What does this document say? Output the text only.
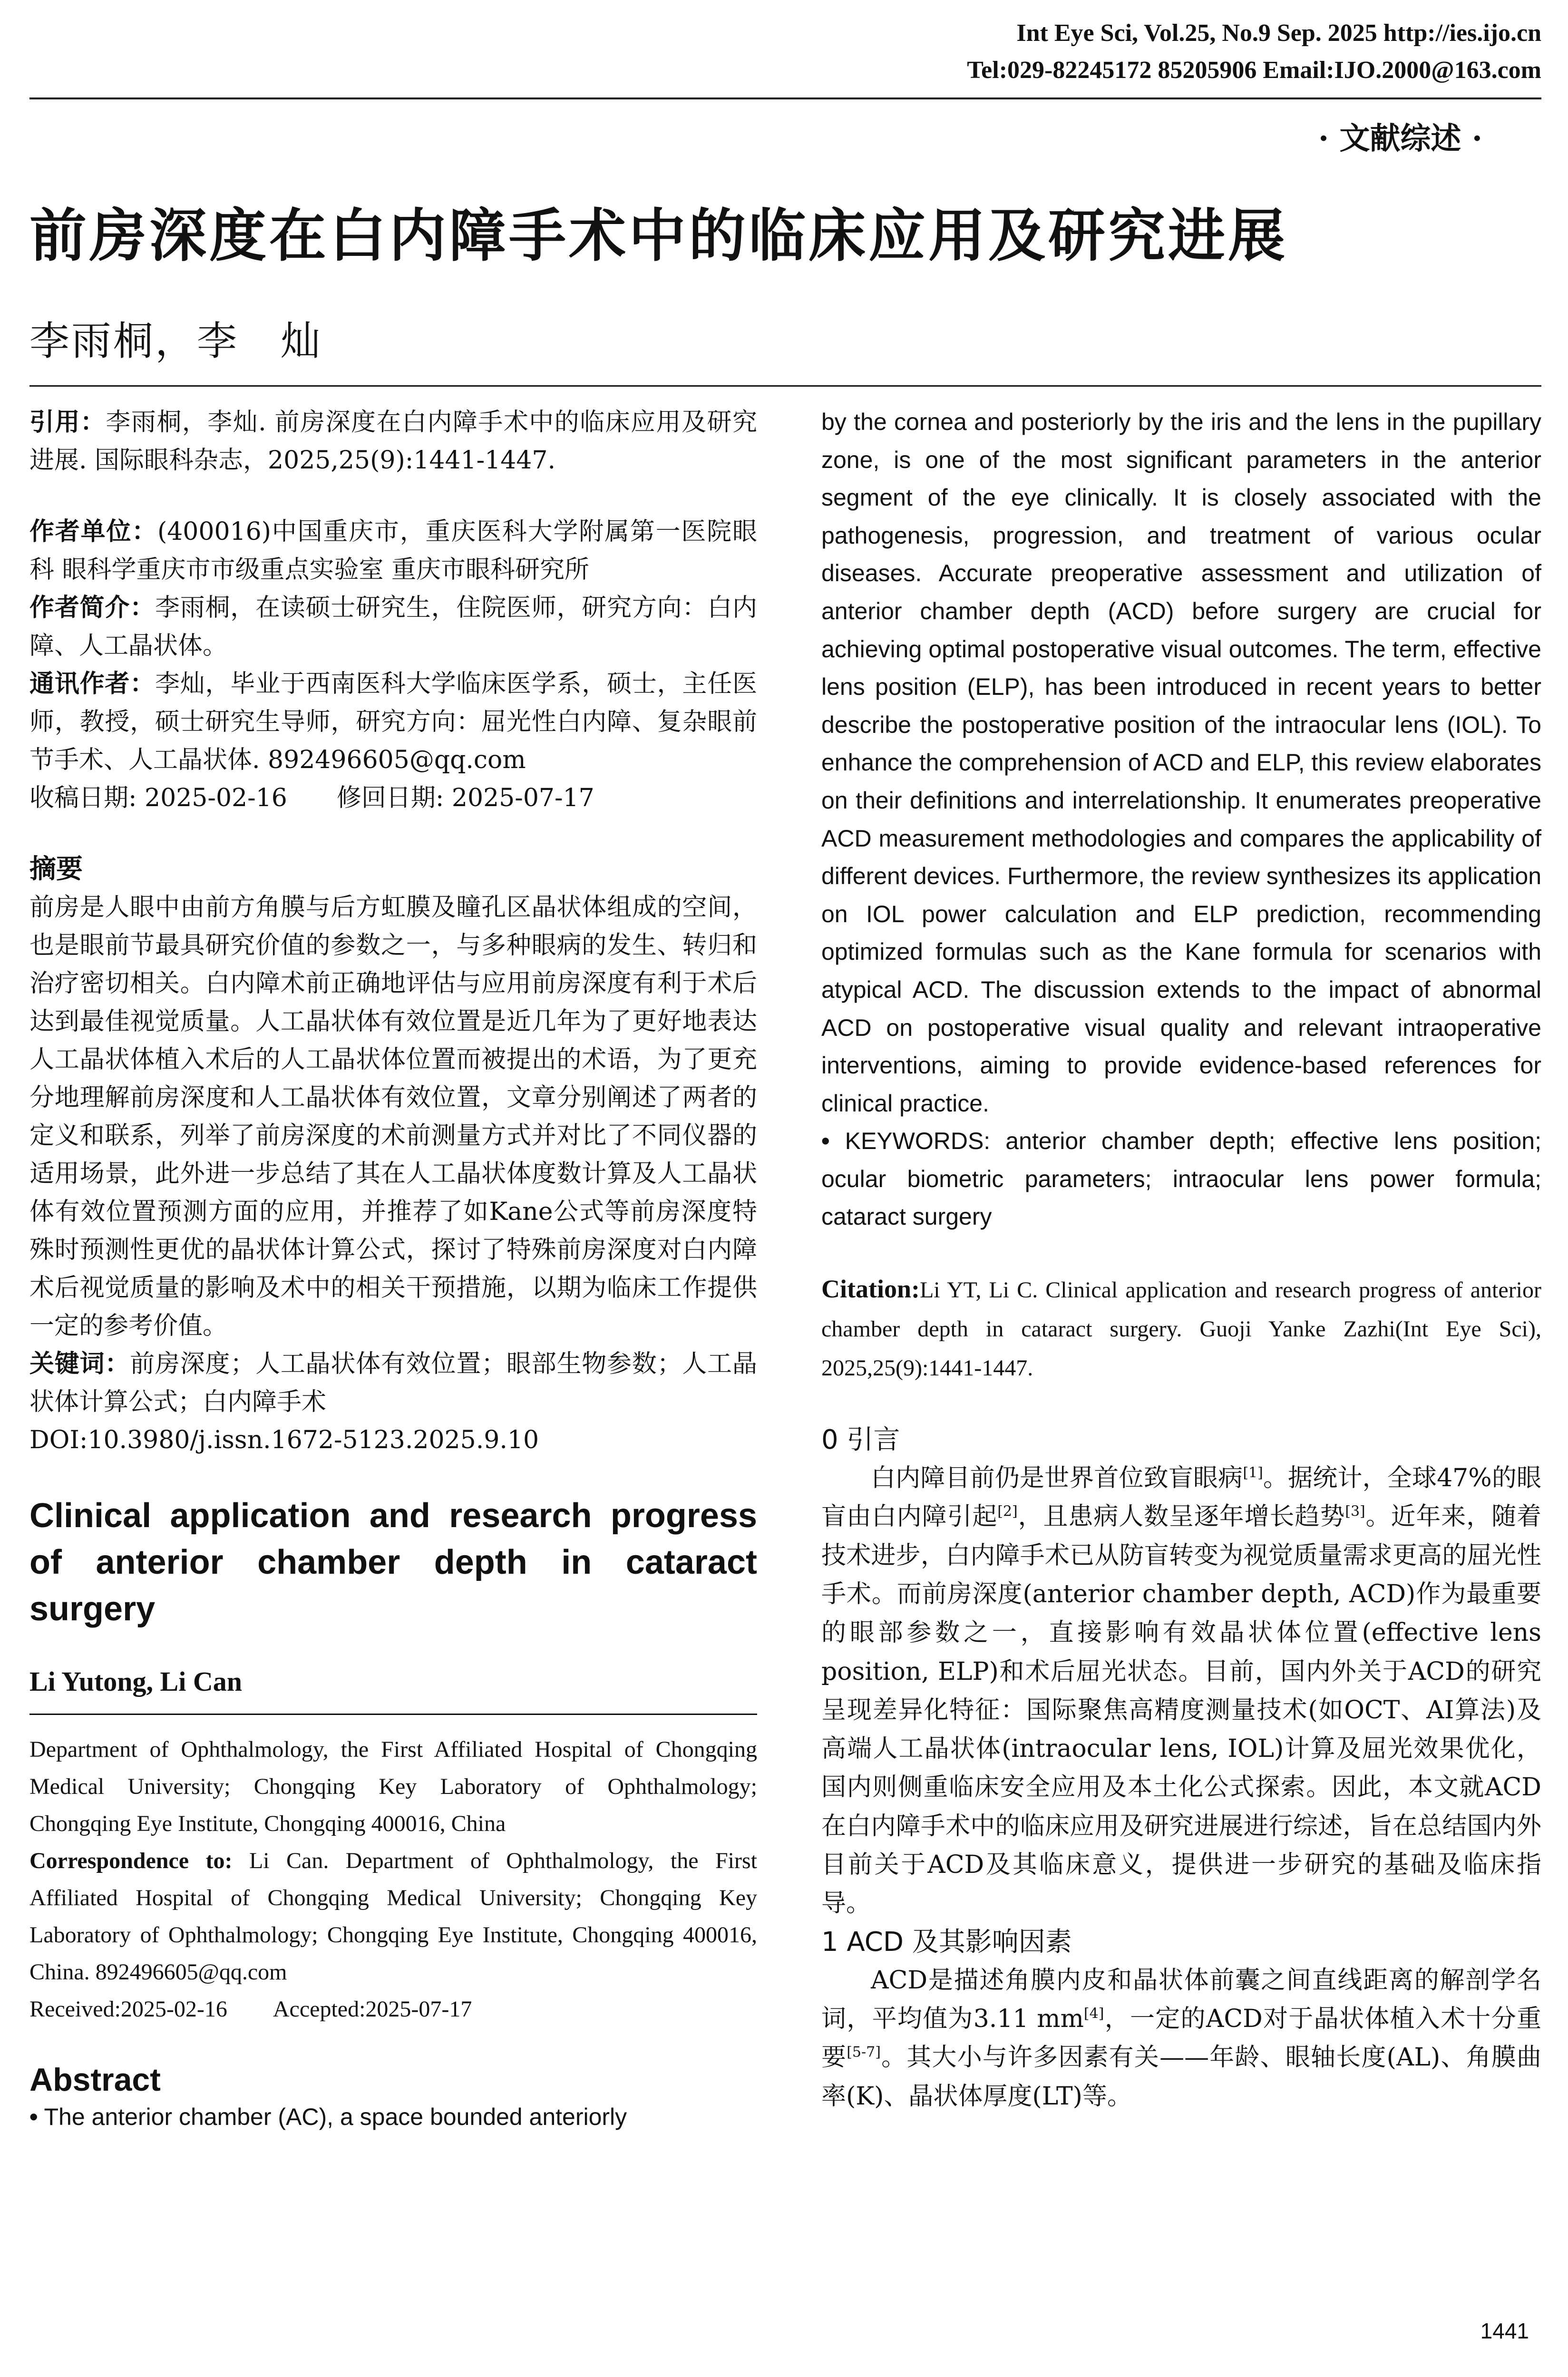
Int Eye Sci, Vol.25, No.9 Sep. 2025 http://ies.ijo.cn
Tel:029-82245172 85205906 Email:IJO.2000@163.com
· 文献综述 ·
前房深度在白内障手术中的临床应用及研究进展
李雨桐，李　灿

引用：李雨桐，李灿. 前房深度在白内障手术中的临床应用及研究进展. 国际眼科杂志，2025,25(9):1441-1447.

作者单位：(400016)中国重庆市，重庆医科大学附属第一医院眼科 眼科学重庆市市级重点实验室 重庆市眼科研究所

作者简介：李雨桐，在读硕士研究生，住院医师，研究方向：白内障、人工晶状体。

通讯作者：李灿，毕业于西南医科大学临床医学系，硕士，主任医师，教授，硕士研究生导师，研究方向：屈光性白内障、复杂眼前节手术、人工晶状体. 892496605@qq.com

收稿日期: 2025-02-16　　修回日期: 2025-07-17

摘要

前房是人眼中由前方角膜与后方虹膜及瞳孔区晶状体组成的空间，也是眼前节最具研究价值的参数之一，与多种眼病的发生、转归和治疗密切相关。白内障术前正确地评估与应用前房深度有利于术后达到最佳视觉质量。人工晶状体有效位置是近几年为了更好地表达人工晶状体植入术后的人工晶状体位置而被提出的术语，为了更充分地理解前房深度和人工晶状体有效位置，文章分别阐述了两者的定义和联系，列举了前房深度的术前测量方式并对比了不同仪器的适用场景，此外进一步总结了其在人工晶状体度数计算及人工晶状体有效位置预测方面的应用，并推荐了如Kane公式等前房深度特殊时预测性更优的晶状体计算公式，探讨了特殊前房深度对白内障术后视觉质量的影响及术中的相关干预措施，以期为临床工作提供一定的参考价值。

关键词：前房深度；人工晶状体有效位置；眼部生物参数；人工晶状体计算公式；白内障手术

DOI:10.3980/j.issn.1672-5123.2025.9.10

Clinical application and research progress of anterior chamber depth in cataract surgery

Li Yutong, Li Can

Department of Ophthalmology, the First Affiliated Hospital of Chongqing Medical University; Chongqing Key Laboratory of Ophthalmology; Chongqing Eye Institute, Chongqing 400016, China

Correspondence to: Li Can. Department of Ophthalmology, the First Affiliated Hospital of Chongqing Medical University; Chongqing Key Laboratory of Ophthalmology; Chongqing Eye Institute, Chongqing 400016, China. 892496605@qq.com

Received:2025-02-16　　Accepted:2025-07-17

Abstract

• The anterior chamber (AC), a space bounded anteriorly

by the cornea and posteriorly by the iris and the lens in the pupillary zone, is one of the most significant parameters in the anterior segment of the eye clinically. It is closely associated with the pathogenesis, progression, and treatment of various ocular diseases. Accurate preoperative assessment and utilization of anterior chamber depth (ACD) before surgery are crucial for achieving optimal postoperative visual outcomes. The term, effective lens position (ELP), has been introduced in recent years to better describe the postoperative position of the intraocular lens (IOL). To enhance the comprehension of ACD and ELP, this review elaborates on their definitions and interrelationship. It enumerates preoperative ACD measurement methodologies and compares the applicability of different devices. Furthermore, the review synthesizes its application on IOL power calculation and ELP prediction, recommending optimized formulas such as the Kane formula for scenarios with atypical ACD. The discussion extends to the impact of abnormal ACD on postoperative visual quality and relevant intraoperative interventions, aiming to provide evidence-based references for clinical practice.

• KEYWORDS: anterior chamber depth; effective lens position; ocular biometric parameters; intraocular lens power formula; cataract surgery

Citation:Li YT, Li C. Clinical application and research progress of anterior chamber depth in cataract surgery. Guoji Yanke Zazhi(Int Eye Sci), 2025,25(9):1441-1447.

0 引言

白内障目前仍是世界首位致盲眼病[1]。据统计，全球47%的眼盲由白内障引起[2]，且患病人数呈逐年增长趋势[3]。近年来，随着技术进步，白内障手术已从防盲转变为视觉质量需求更高的屈光性手术。而前房深度(anterior chamber depth, ACD)作为最重要的眼部参数之一，直接影响有效晶状体位置(effective lens position, ELP)和术后屈光状态。目前，国内外关于ACD的研究呈现差异化特征：国际聚焦高精度测量技术(如OCT、AI算法)及高端人工晶状体(intraocular lens, IOL)计算及屈光效果优化，国内则侧重临床安全应用及本土化公式探索。因此，本文就ACD在白内障手术中的临床应用及研究进展进行综述，旨在总结国内外目前关于ACD及其临床意义，提供进一步研究的基础及临床指导。

1 ACD 及其影响因素

ACD是描述角膜内皮和晶状体前囊之间直线距离的解剖学名词，平均值为3.11 mm[4]，一定的ACD对于晶状体植入术十分重要[5-7]。其大小与许多因素有关——年龄、眼轴长度(AL)、角膜曲率(K)、晶状体厚度(LT)等。

1441
